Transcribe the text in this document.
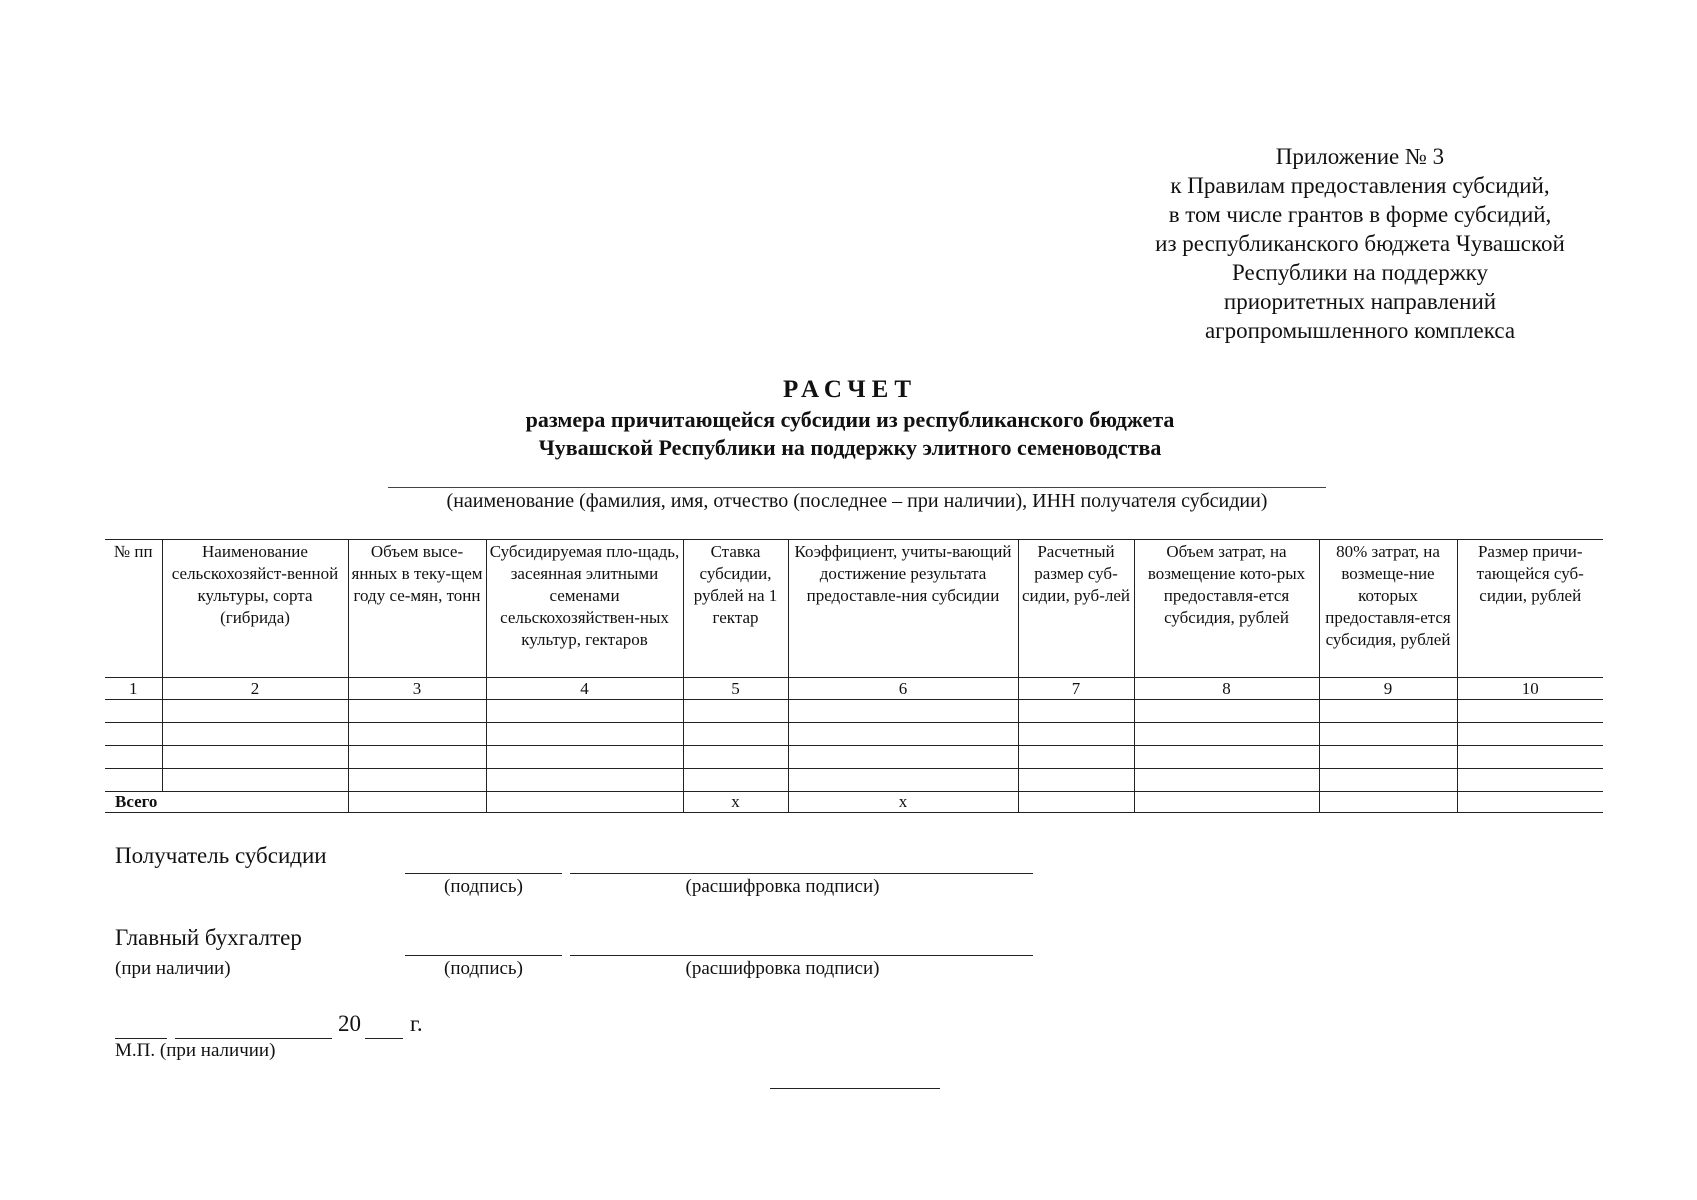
Приложение № 3
к Правилам предоставления субсидий,
в том числе грантов в форме субсидий,
из республиканского бюджета Чувашской
Республики на поддержку
приоритетных направлений
агропромышленного комплекса
РАСЧЕТ
размера причитающейся субсидии из республиканского бюджета
Чувашской Республики на поддержку элитного семеноводства
(наименование (фамилия, имя, отчество (последнее – при наличии), ИНН получателя субсидии)
№ пп	Наименование сельскохозяйст-венной культуры, сорта (гибрида)	Объем высе-янных в теку-щем году се-мян, тонн	Субсидируемая пло-щадь, засеянная элитными семенами сельскохозяйствен-ных культур, гектаров	Ставка субсидии, рублей на 1 гектар	Коэффициент, учиты-вающий достижение результата предоставле-ния субсидии	Расчетный размер суб-сидии, руб-лей	Объем затрат, на возмещение кото-рых предоставля-ется субсидия, рублей	80% затрат, на возмеще-ние которых предоставля-ется субсидия, рублей	Размер причи-тающейся суб-сидии, рублей
1	2	3	4	5	6	7	8	9	10

Всего				х	х				
Получатель субсидии
(подпись)	(расшифровка подписи)
Главный бухгалтер
(при наличии)	(подпись)	(расшифровка подписи)
20 г.
М.П. (при наличии)
